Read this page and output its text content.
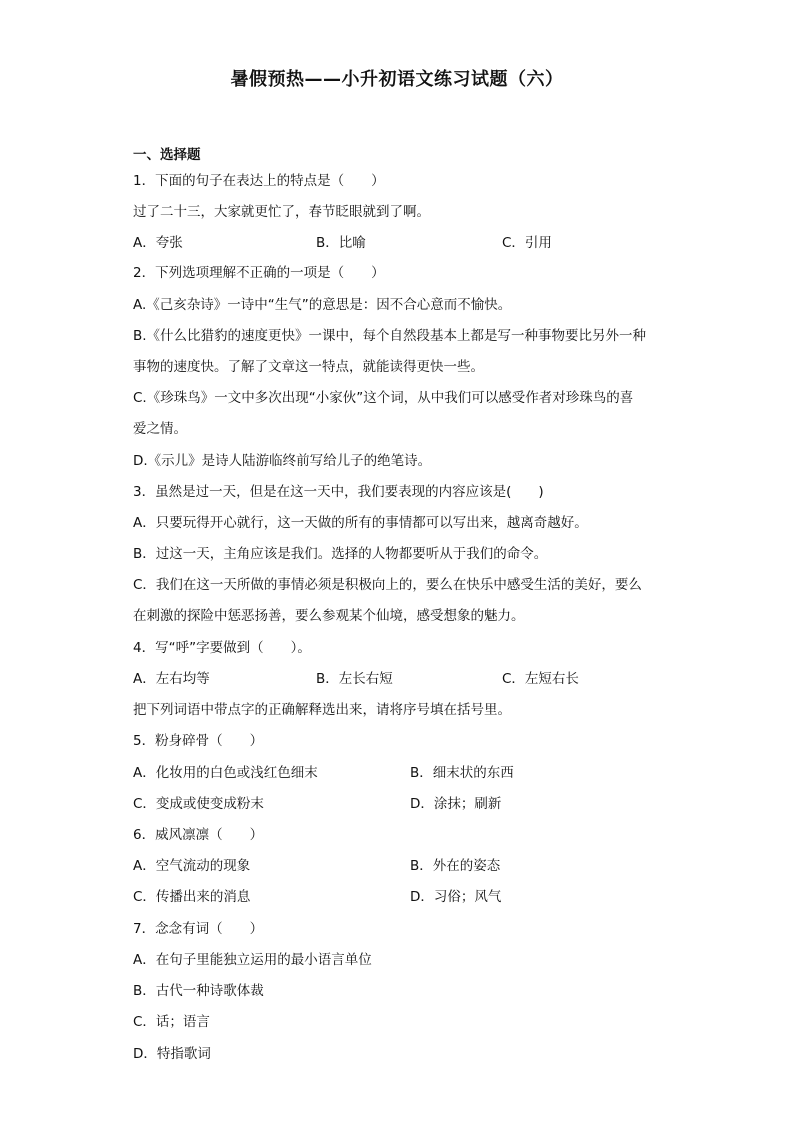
暑假预热——小升初语文练习试题（六）
一、选择题
1．下面的句子在表达上的特点是（　　）
过了二十三，大家就更忙了，春节眨眼就到了啊。
A．夸张	B．比喻	C．引用
2．下列选项理解不正确的一项是（　　）
A.《己亥杂诗》一诗中“生气”的意思是：因不合心意而不愉快。
B.《什么比猎豹的速度更快》一课中，每个自然段基本上都是写一种事物要比另外一种
事物的速度快。了解了文章这一特点，就能读得更快一些。
C.《珍珠鸟》一文中多次出现“小家伙”这个词，从中我们可以感受作者对珍珠鸟的喜
爱之情。
D.《示儿》是诗人陆游临终前写给儿子的绝笔诗。
3．虽然是过一天，但是在这一天中，我们要表现的内容应该是(　　)
A．只要玩得开心就行，这一天做的所有的事情都可以写出来，越离奇越好。
B．过这一天，主角应该是我们。选择的人物都要听从于我们的命令。
C．我们在这一天所做的事情必须是积极向上的，要么在快乐中感受生活的美好，要么
在刺激的探险中惩恶扬善，要么参观某个仙境，感受想象的魅力。
4．写“呼”字要做到（　　）。
A．左右均等	B．左长右短	C．左短右长
把下列词语中带点字的正确解释选出来，请将序号填在括号里。
5．粉身碎骨（　　）
A．化妆用的白色或浅红色细末	B．细末状的东西
C．变成或使变成粉末	D．涂抹；刷新
6．威风凛凛（　　）
A．空气流动的现象	B．外在的姿态
C．传播出来的消息	D．习俗；风气
7．念念有词（　　）
A．在句子里能独立运用的最小语言单位
B．古代一种诗歌体裁
C．话；语言
D．特指歌词
